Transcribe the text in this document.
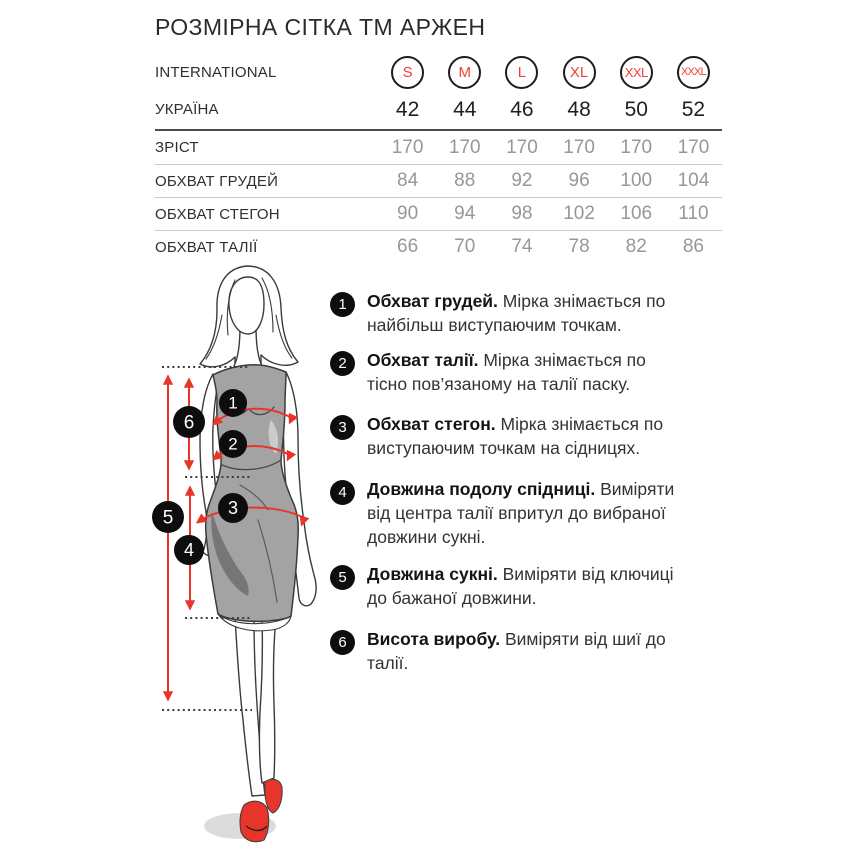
РОЗМІРНА СІТКА ТМ АРЖЕН
INTERNATIONAL	S	M	L	XL	XXL	XXXL
УКРАЇНА	42	44	46	48	50	52
ЗРІСТ	170	170	170	170	170	170
ОБХВАТ ГРУДЕЙ	84	88	92	96	100	104
ОБХВАТ СТЕГОН	90	94	98	102	106	110
ОБХВАТ ТАЛІЇ	66	70	74	78	82	86
1	Обхват грудей. Мірка знімається по найбільш виступаючим точкам.

2	Обхват талії. Мірка знімається по тісно пов’язаному на талії паску.

3	Обхват стегон. Мірка знімається по виступаючим точкам на сідницях.

4	Довжина подолу спідниці. Виміряти від центра талії впритул до вибраної довжини сукні.

5	Довжина сукні. Виміряти від ключиці до бажаної довжини.

6	Висота виробу. Виміряти від шиї до талії.

1
2
3
4
5
6
